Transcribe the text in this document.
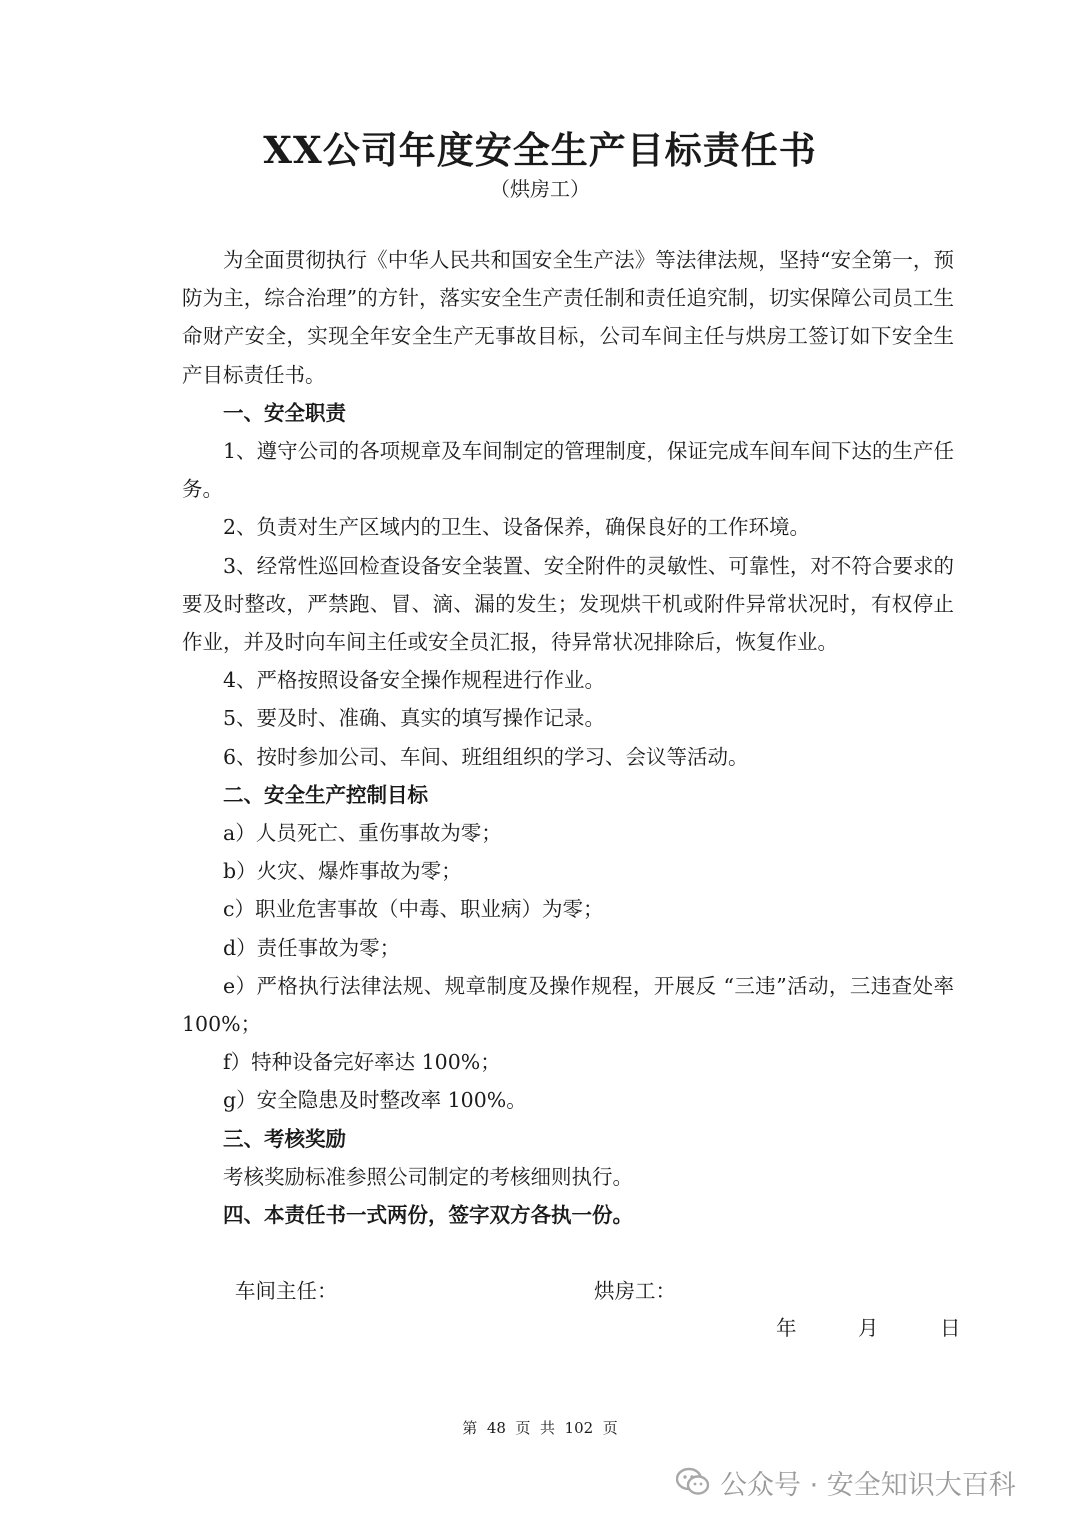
XX公司年度安全生产目标责任书
（烘房工）

为全面贯彻执行《中华人民共和国安全生产法》等法律法规，坚持“安全第一，预防为主，综合治理”的方针，落实安全生产责任制和责任追究制，切实保障公司员工生命财产安全，实现全年安全生产无事故目标，公司车间主任与烘房工签订如下安全生产目标责任书。

一、安全职责

1、遵守公司的各项规章及车间制定的管理制度，保证完成车间车间下达的生产任务。

2、负责对生产区域内的卫生、设备保养，确保良好的工作环境。

3、经常性巡回检查设备安全装置、安全附件的灵敏性、可靠性，对不符合要求的要及时整改，严禁跑、冒、滴、漏的发生；发现烘干机或附件异常状况时，有权停止作业，并及时向车间主任或安全员汇报，待异常状况排除后，恢复作业。

4、严格按照设备安全操作规程进行作业。

5、要及时、准确、真实的填写操作记录。

6、按时参加公司、车间、班组组织的学习、会议等活动。

二、安全生产控制目标

a）人员死亡、重伤事故为零；

b）火灾、爆炸事故为零；

c）职业危害事故（中毒、职业病）为零；

d）责任事故为零；

e）严格执行法律法规、规章制度及操作规程，开展反 “三违”活动，三违查处率 100%；

f）特种设备完好率达 100%；

g）安全隐患及时整改率 100%。

三、考核奖励

考核奖励标准参照公司制定的考核细则执行。

四、本责任书一式两份，签字双方各执一份。

车间主任：	烘房工：
年　　　月　　　日
第  48  页  共  102  页
公众号 · 安全知识大百科
